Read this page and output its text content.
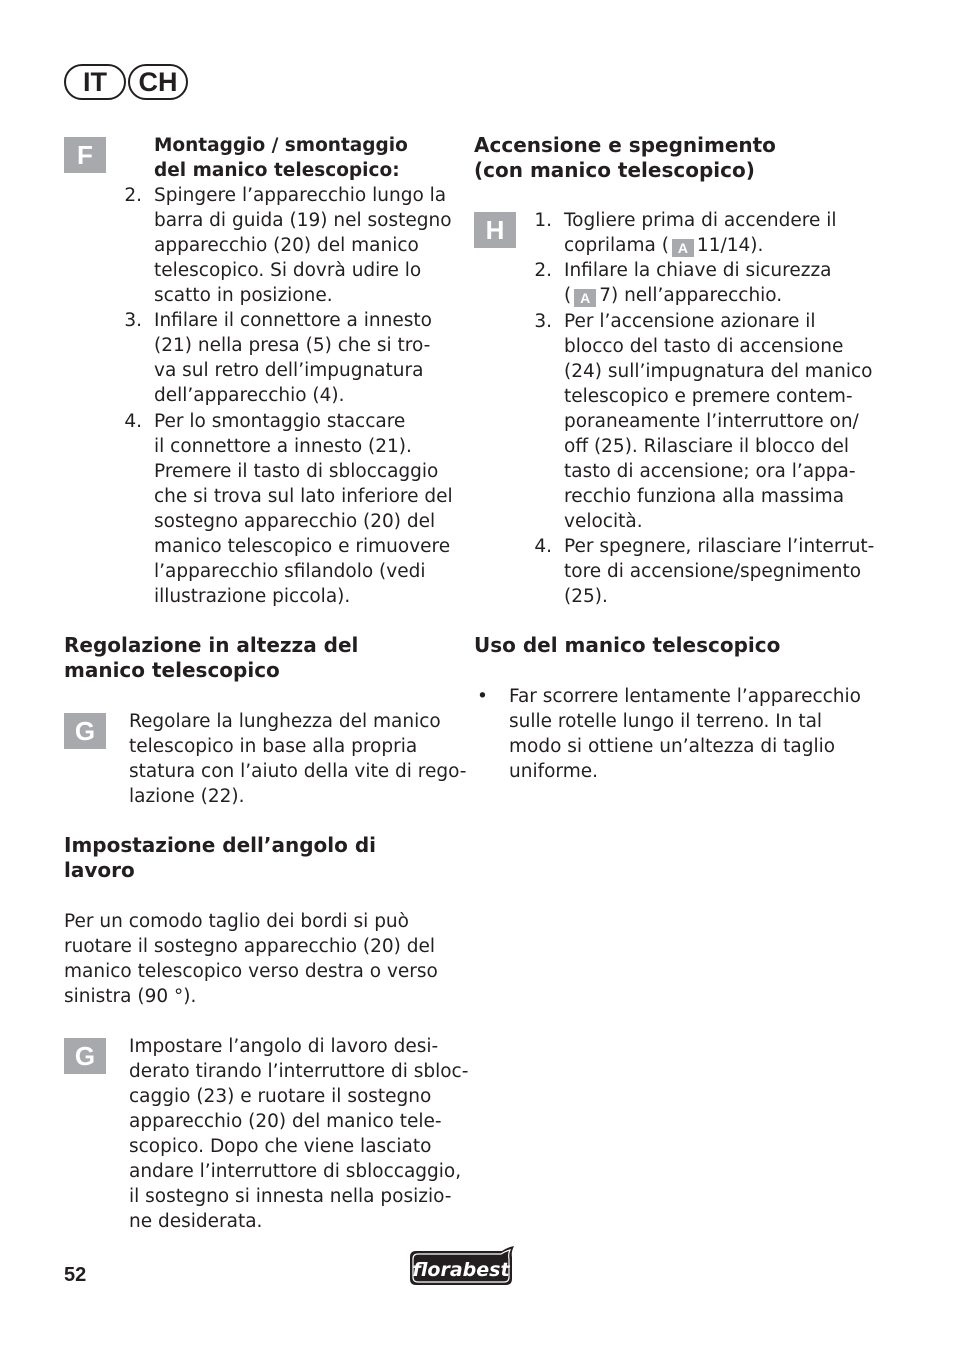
IT	CH
F	Montaggio / smontaggio
del manico telescopico:
2. Spingere l’apparecchio lungo la
barra di guida (19) nel sostegno
apparecchio (20) del manico
telescopico. Si dovrà udire lo
scatto in posizione.
3. Infilare il connettore a innesto
(21) nella presa (5) che si tro-
va sul retro dell’impugnatura
dell’apparecchio (4).
4. Per lo smontaggio staccare
il connettore a innesto (21).
Premere il tasto di sbloccaggio
che si trova sul lato inferiore del
sostegno apparecchio (20) del
manico telescopico e rimuovere
l’apparecchio sfilandolo (vedi
illustrazione piccola).
Regolazione in altezza del
manico telescopico
G	Regolare la lunghezza del manico
telescopico in base alla propria
statura con l’aiuto della vite di rego-
lazione (22).
Impostazione dell’angolo di
lavoro
Per un comodo taglio dei bordi si può
ruotare il sostegno apparecchio (20) del
manico telescopico verso destra o verso
sinistra (90 °).
G	Impostare l’angolo di lavoro desi-
derato tirando l’interruttore di sbloc-
caggio (23) e ruotare il sostegno
apparecchio (20) del manico tele-
scopico. Dopo che viene lasciato
andare l’interruttore di sbloccaggio,
il sostegno si innesta nella posizio-
ne desiderata.
Accensione e spegnimento
(con manico telescopico)
H	1. Togliere prima di accendere il
coprilama ( A 11/14).
2. Infilare la chiave di sicurezza
( A 7) nell’apparecchio.
3. Per l’accensione azionare il
blocco del tasto di accensione
(24) sull’impugnatura del manico
telescopico e premere contem-
poraneamente l’interruttore on/
off (25). Rilasciare il blocco del
tasto di accensione; ora l’appa-
recchio funziona alla massima
velocità.
4. Per spegnere, rilasciare l’interrut-
tore di accensione/spegnimento
(25).
Uso del manico telescopico
• Far scorrere lentamente l’apparecchio
sulle rotelle lungo il terreno. In tal
modo si ottiene un’altezza di taglio
uniforme.
52	florabest
